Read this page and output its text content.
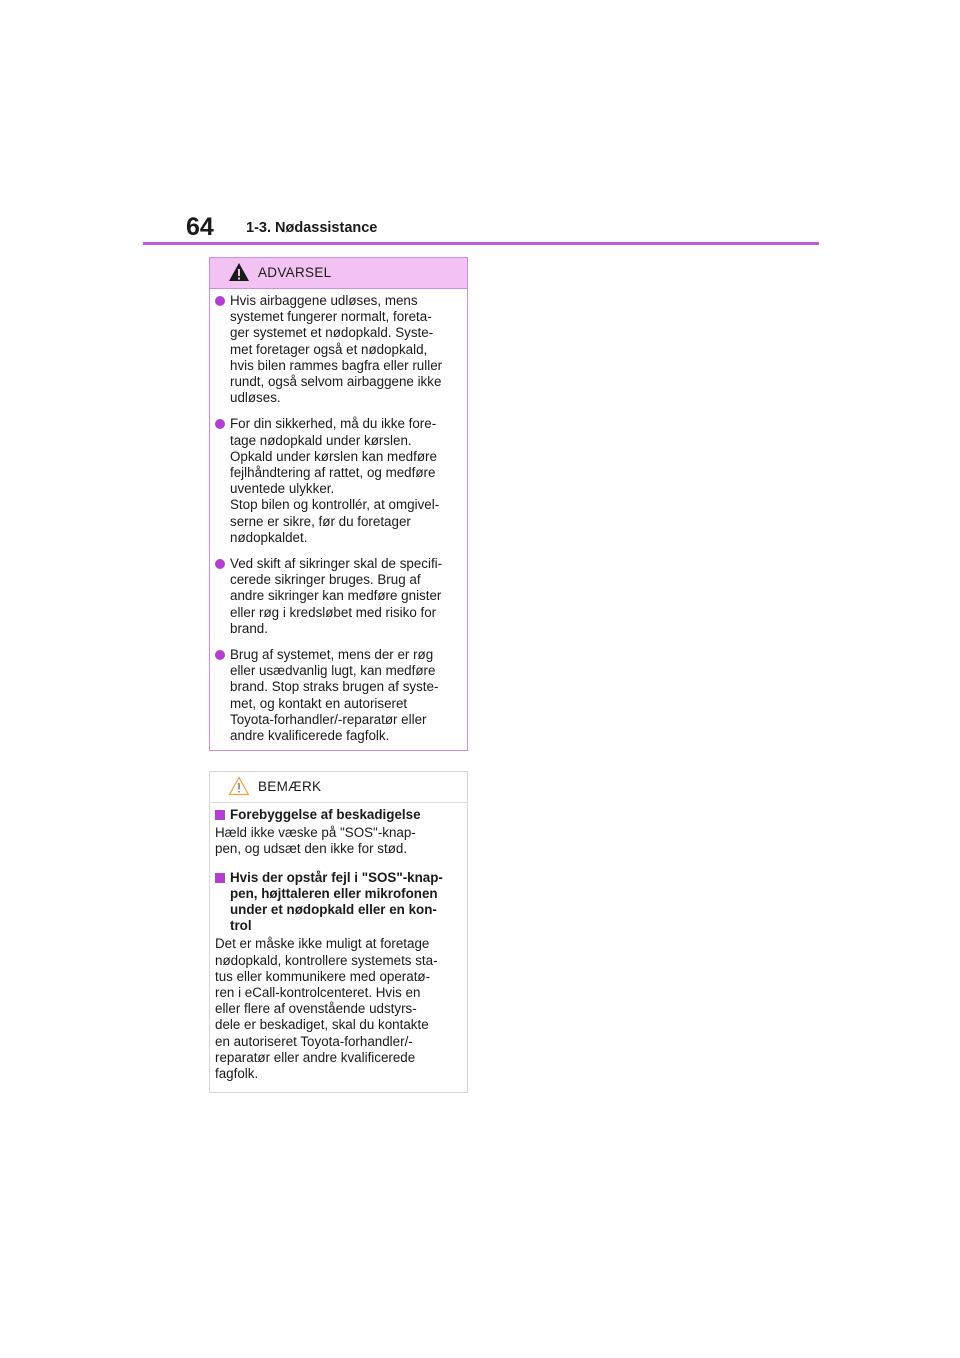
64 1-3. Nødassistance
ADVARSEL
Hvis airbaggene udløses, mens
systemet fungerer normalt, foreta-
ger systemet et nødopkald. Syste-
met foretager også et nødopkald,
hvis bilen rammes bagfra eller ruller
rundt, også selvom airbaggene ikke
udløses.
For din sikkerhed, må du ikke fore-
tage nødopkald under kørslen.
Opkald under kørslen kan medføre
fejlhåndtering af rattet, og medføre
uventede ulykker.
Stop bilen og kontrollér, at omgivel-
serne er sikre, før du foretager
nødopkaldet.
Ved skift af sikringer skal de specifi-
cerede sikringer bruges. Brug af
andre sikringer kan medføre gnister
eller røg i kredsløbet med risiko for
brand.
Brug af systemet, mens der er røg
eller usædvanlig lugt, kan medføre
brand. Stop straks brugen af syste-
met, og kontakt en autoriseret
Toyota-forhandler/-reparatør eller
andre kvalificerede fagfolk.
BEMÆRK
Forebyggelse af beskadigelse
Hæld ikke væske på "SOS"-knap-
pen, og udsæt den ikke for stød.
Hvis der opstår fejl i "SOS"-knap-
pen, højttaleren eller mikrofonen
under et nødopkald eller en kon-
trol
Det er måske ikke muligt at foretage
nødopkald, kontrollere systemets sta-
tus eller kommunikere med operatø-
ren i eCall-kontrolcenteret. Hvis en
eller flere af ovenstående udstyrs-
dele er beskadiget, skal du kontakte
en autoriseret Toyota-forhandler/-
reparatør eller andre kvalificerede
fagfolk.
